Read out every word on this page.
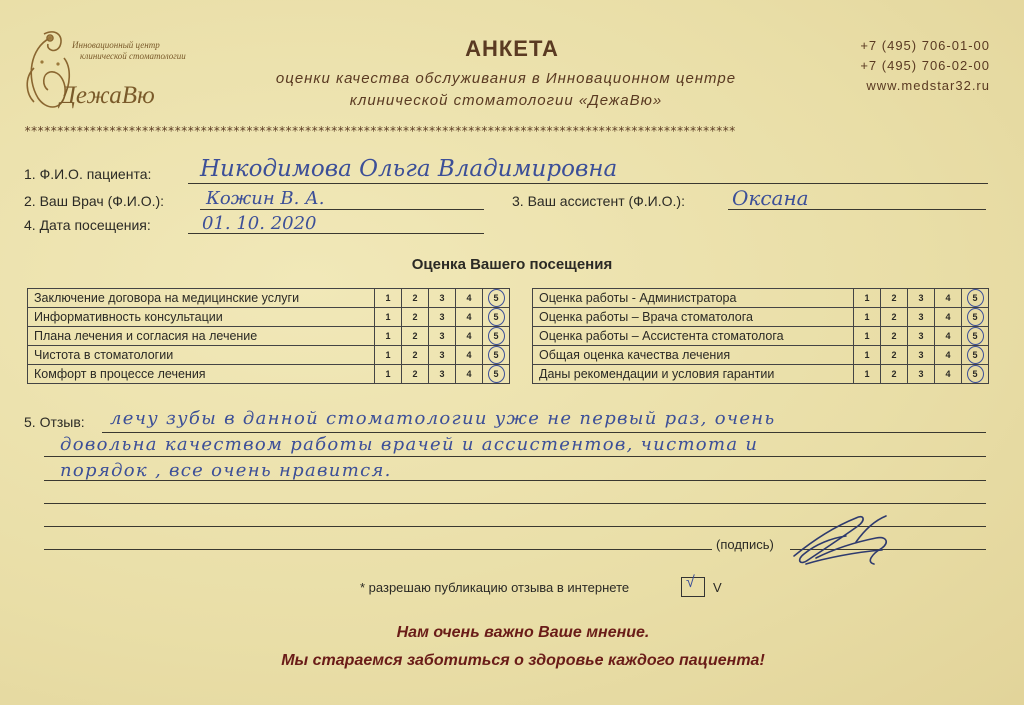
Инновационный центр
клинической стоматологии
ДежаВю
АНКЕТА
оценки качества обслуживания в Инновационном центре
клинической стоматологии «ДежаВю»
+7 (495) 706-01-00
+7 (495) 706-02-00
www.medstar32.ru
*************************************************************************************************************
1. Ф.И.О. пациента: Никодимова Ольга Владимировна
2. Ваш Врач (Ф.И.О.): Кожин В. А.	3. Ваш ассистент (Ф.И.О.): Оксана
4. Дата посещения:	01. 10. 2020
Оценка Вашего посещения
Заключение договора на медицинские услуги	1	2	3	4	5
Информативность консультации	1	2	3	4	5
Плана лечения и согласия на лечение	1	2	3	4	5
Чистота в стоматологии	1	2	3	4	5
Комфорт в процессе лечения	1	2	3	4	5
Оценка работы - Администратора	1	2	3	4	5
Оценка работы – Врача стоматолога	1	2	3	4	5
Оценка работы – Ассистента стоматолога	1	2	3	4	5
Общая оценка качества лечения	1	2	3	4	5
Даны рекомендации и условия гарантии	1	2	3	4	5
5. Отзыв: лечу зубы в данной стоматологии уже не первый раз, очень
довольна качеством работы врачей и ассистентов, чистота и
порядок , все очень нравится.
(подпись)
* разрешаю публикацию отзыва в интернете	√ V
Нам очень важно Ваше мнение.
Мы стараемся заботиться о здоровье каждого пациента!
